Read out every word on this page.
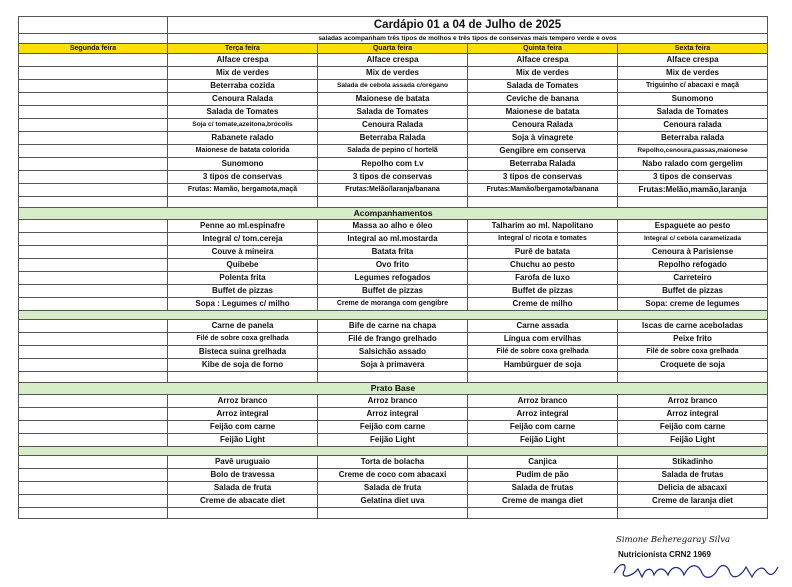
	Cardápio 01 a 04 de Julho de 2025			
	saladas acompanham três tipos de molhos e três tipos de conservas mais tempero verde e ovos			
Segunda feira	Terça feira	Quarta feira	Quinta feira	Sexta feira
	Alface crespa	Alface crespa	Alface crespa	Alface crespa
	Mix de verdes	Mix de verdes	Mix de verdes	Mix de verdes
	Beterraba cozida	Salada de cebola assada c/orégano	Salada de Tomates	Triguinho c/ abacaxi e maçã
	Cenoura Ralada	Maionese de batata	Ceviche de banana	Sunomono
	Salada de Tomates	Salada de Tomates	Maionese de batata	Salada de Tomates
	Soja c/ tomate,azeitona,brócolis	Cenoura Ralada	Cenoura Ralada	Cenoura ralada
	Rabanete ralado	Beterraba Ralada	Soja à vinagrete	Beterraba ralada
	Maionese de batata colorida	Salada de pepino c/ hortelã	Gengibre em conserva	Repolho,cenoura,passas,maionese
	Sunomono	Repolho com t.v	Beterraba Ralada	Nabo ralado com gergelim
	3 tipos de conservas	3 tipos de conservas	3 tipos de conservas	3 tipos de conservas
	Frutas: Mamão, bergamota,maçã	Frutas:Melão/laranja/banana	Frutas:Mamão/bergamota/banana	Frutas:Melão,mamão,laranja

Acompanhamentos				
	Penne ao ml.espinafre	Massa ao alho e óleo	Talharim ao ml. Napolitano	Espaguete ao pesto
	Integral c/ tom.cereja	Integral ao ml.mostarda	Integral c/ ricota e tomates	Integral c/ cebola caramelizada
	Couve à mineira	Batata frita	Purê de batata	Cenoura à Parisiense
	Quibebe	Ovo frito	Chuchu ao pesto	Repolho refogado
	Polenta frita	Legumes refogados	Farofa de luxo	Carreteiro
	Buffet de pizzas	Buffet de pizzas	Buffet de pizzas	Buffet de pizzas
	Sopa : Legumes c/ milho	Creme de moranga com gengibre	Creme de milho	Sopa: creme de legumes

	Carne de panela	Bife de carne na chapa	Carne assada	Iscas de carne aceboladas
	Filé de sobre coxa grelhada	Filé de frango grelhado	Língua com ervilhas	Peixe frito
	Bisteca suina grelhada	Salsichão assado	Filé de sobre coxa grelhada	Filé de sobre coxa grelhada
	Kibe de soja de forno	Soja à primavera	Hambúrguer de soja	Croquete de soja

Prato Base				
	Arroz branco	Arroz branco	Arroz branco	Arroz branco
	Arroz integral	Arroz integral	Arroz integral	Arroz integral
	Feijão com carne	Feijão com carne	Feijão com carne	Feijão com carne
	Feijão Light	Feijão Light	Feijão Light	Feijão Light

	Pavê uruguaio	Torta de bolacha	Canjica	Stikadinho
	Bolo de travessa	Creme de coco com abacaxi	Pudim de pão	Salada de frutas
	Salada de fruta	Salada de fruta	Salada de frutas	Delicia de abacaxi
	Creme de abacate diet	Gelatina diet uva	Creme de manga diet	Creme de laranja diet

Simone Beheregaray Silva
Nutricionista CRN2 1969
